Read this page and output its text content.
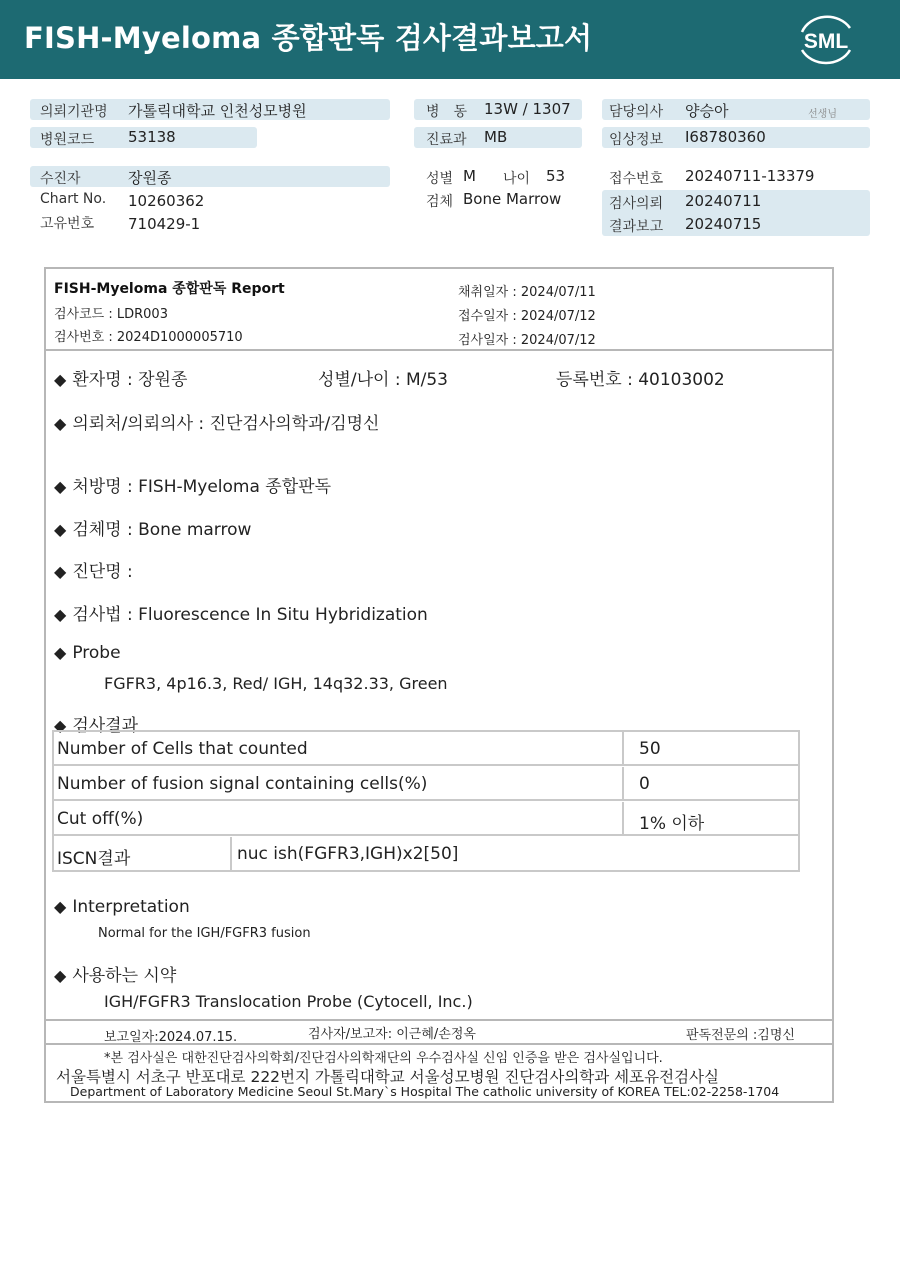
FISH-Myeloma 종합판독 검사결과보고서	SML
의뢰기관명 가톨릭대학교 인천성모병원
병원코드 53138
병　동 13W / 1307
진료과 MB
담당의사 양승아	선생님
임상정보 I68780360
수진자	장원종
Chart No. 10260362
고유번호 710429-1
성별 M 나이 53
검체 Bone Marrow
접수번호 20240711-13379
검사의뢰 20240711
결과보고 20240715
FISH-Myeloma 종합판독 Report
검사코드 : LDR003
검사번호 : 2024D1000005710
채취일자 : 2024/07/11
접수일자 : 2024/07/12
검사일자 : 2024/07/12
◆ 환자명 : 장원종	성별/나이 : M/53	등록번호 : 40103002
◆ 의뢰처/의뢰의사 : 진단검사의학과/김명신
◆ 처방명 : FISH-Myeloma 종합판독
◆ 검체명 : Bone marrow
◆ 진단명 :
◆ 검사법 : Fluorescence In Situ Hybridization
◆ Probe
FGFR3, 4p16.3, Red/ IGH, 14q32.33, Green
◆ 검사결과
Number of Cells that counted	50
Number of fusion signal containing cells(%)	0
Cut off(%)	1% 이하
ISCN결과	nuc ish(FGFR3,IGH)x2[50]
◆ Interpretation
Normal for the IGH/FGFR3 fusion
◆ 사용하는 시약
IGH/FGFR3 Translocation Probe (Cytocell, Inc.)
보고일자:2024.07.15.	검사자/보고자: 이근혜/손정옥	판독전문의 :김명신
*본 검사실은 대한진단검사의학회/진단검사의학재단의 우수검사실 신임 인증을 받은 검사실입니다.
서울특별시 서초구 반포대로 222번지 가톨릭대학교 서울성모병원 진단검사의학과 세포유전검사실
Department of Laboratory Medicine Seoul St.Mary`s Hospital The catholic university of KOREA TEL:02-2258-1704
